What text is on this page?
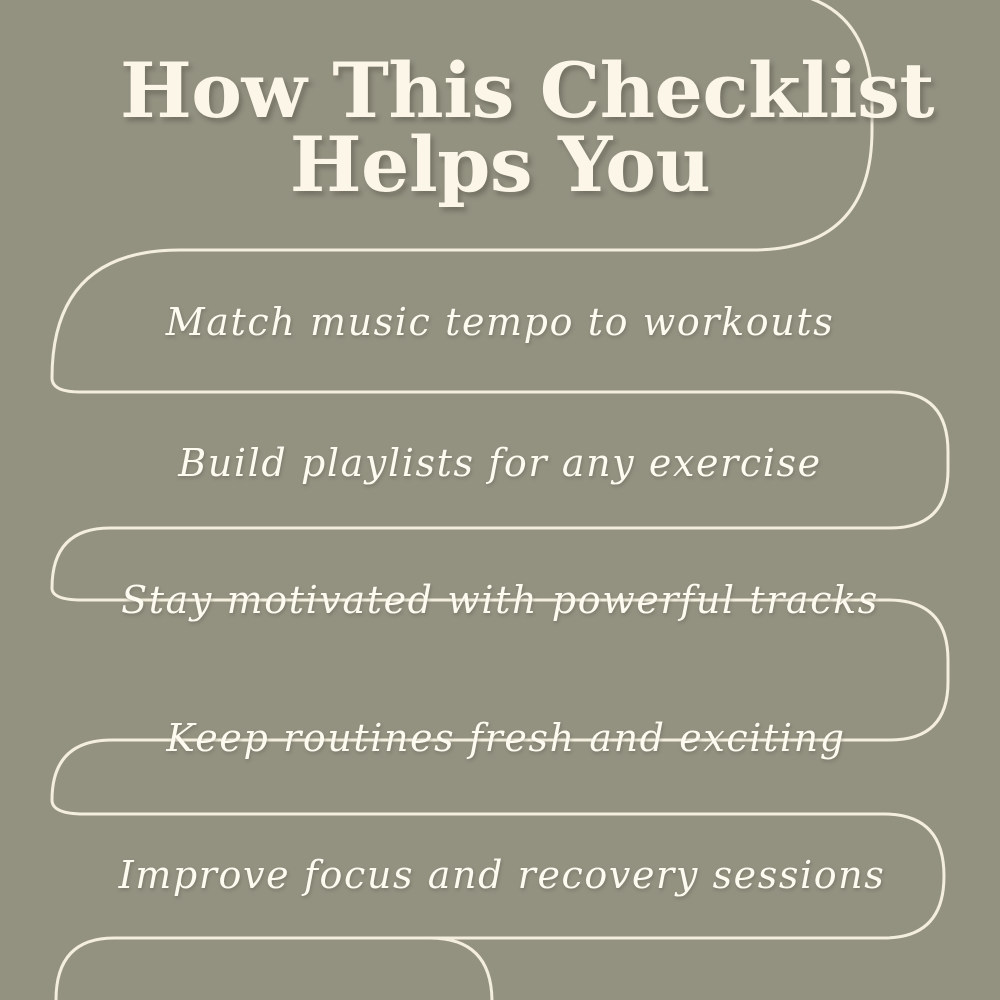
How This Checklist
Helps You
Match music tempo to workouts
Build playlists for any exercise
Stay motivated with powerful tracks
Keep routines fresh and exciting
Improve focus and recovery sessions
